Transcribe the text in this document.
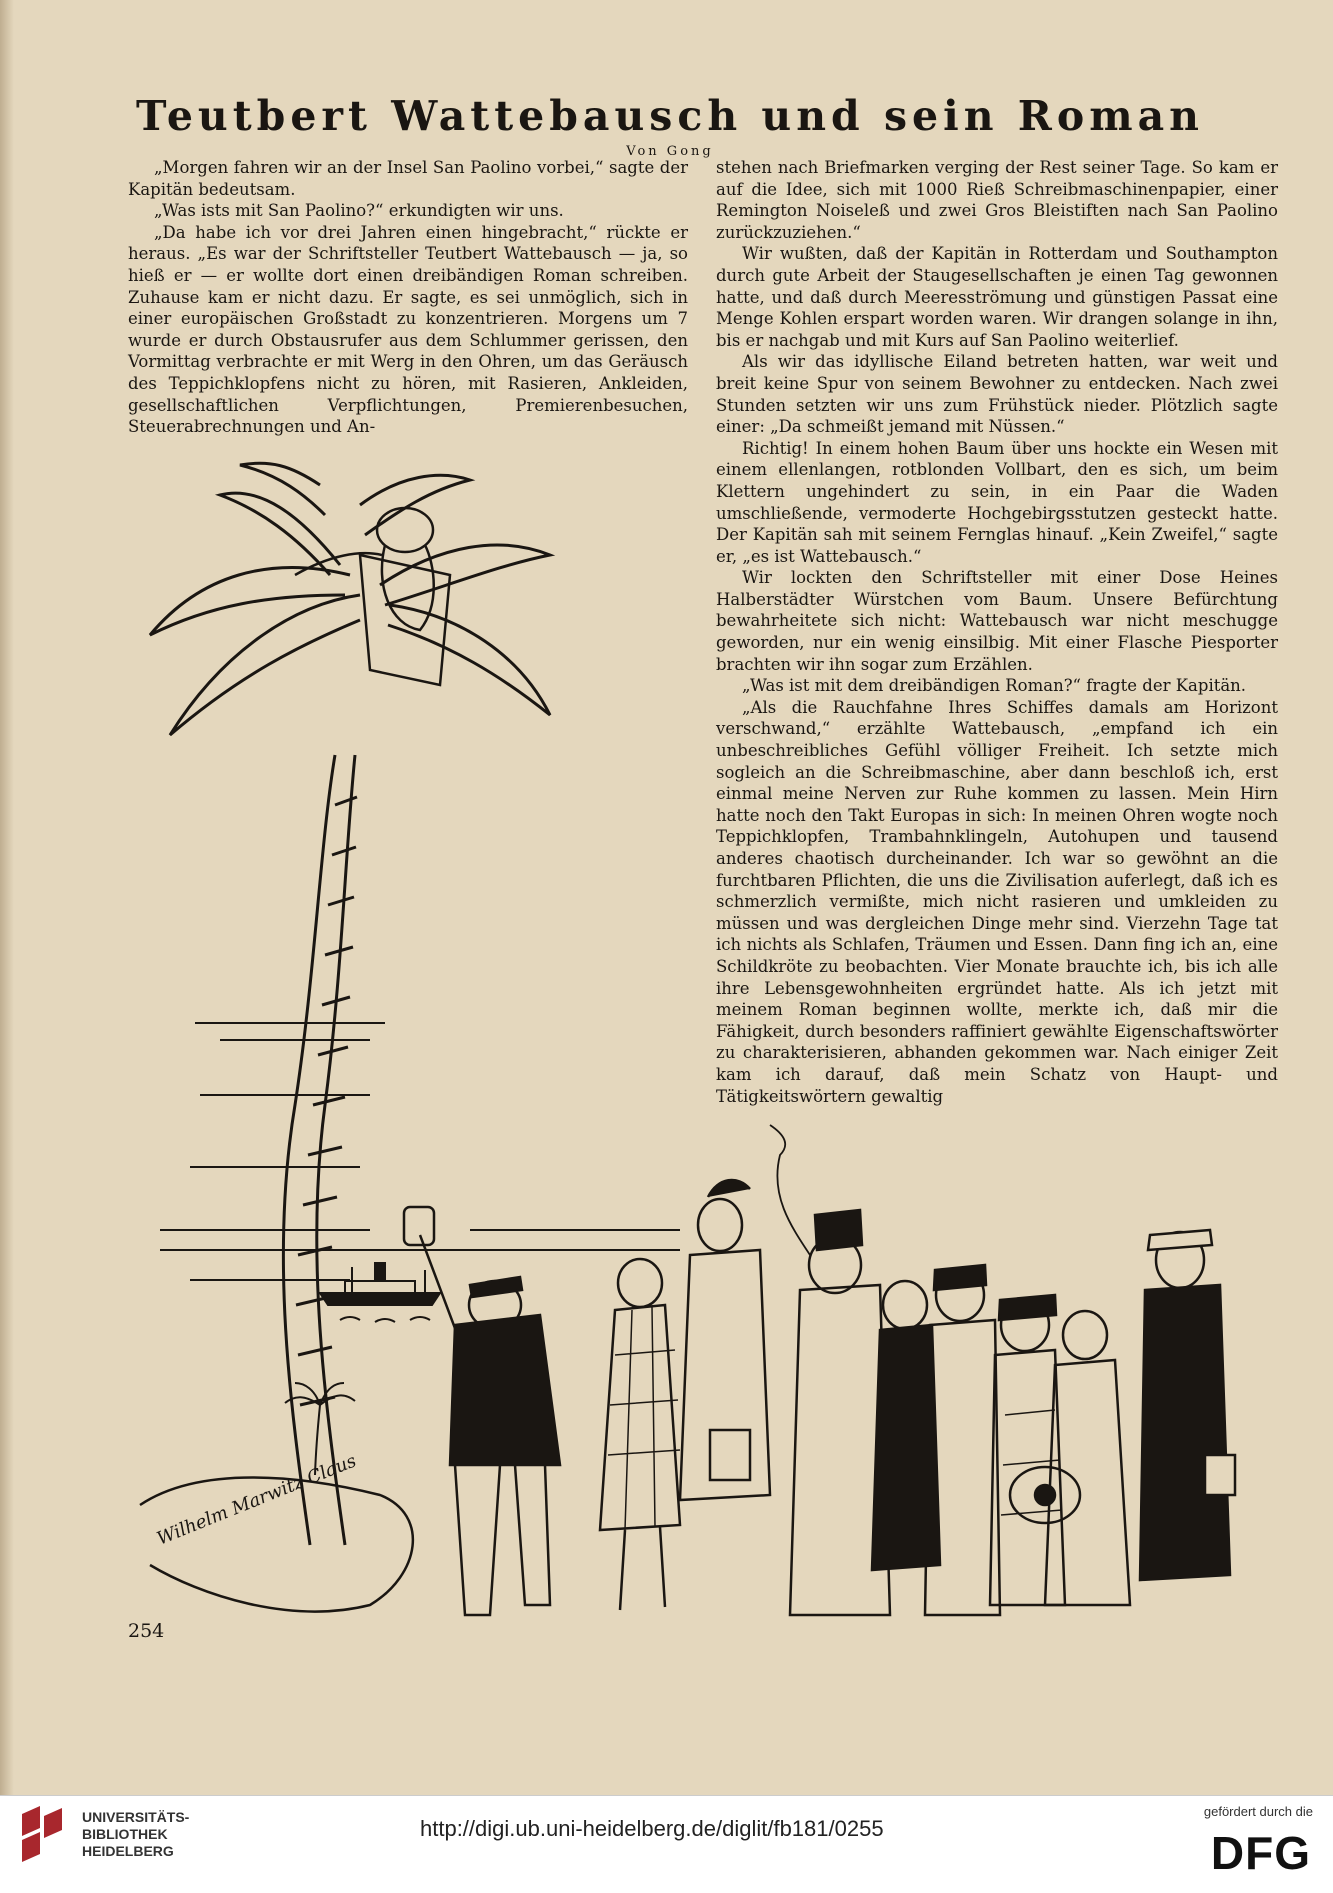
Teutbert Wattebausch und sein Roman
Von Gong

„Morgen fahren wir an der Insel San Paolino vorbei,“ sagte der Kapitän bedeutsam.

„Was ists mit San Paolino?“ erkundigten wir uns.

„Da habe ich vor drei Jahren einen hingebracht,“ rückte er heraus. „Es war der Schriftsteller Teutbert Wattebausch — ja, so hieß er — er wollte dort einen dreibändigen Roman schreiben. Zuhause kam er nicht dazu. Er sagte, es sei unmöglich, sich in einer europäischen Großstadt zu konzentrieren. Morgens um 7 wurde er durch Obstausrufer aus dem Schlummer gerissen, den Vormittag verbrachte er mit Werg in den Ohren, um das Geräusch des Teppichklopfens nicht zu hören, mit Rasieren, Ankleiden, gesellschaftlichen Verpflichtungen, Premierenbesuchen, Steuerabrechnungen und An-

stehen nach Briefmarken verging der Rest seiner Tage. So kam er auf die Idee, sich mit 1000 Rieß Schreibmaschinenpapier, einer Remington Noiseleß und zwei Gros Bleistiften nach San Paolino zurückzuziehen.“

Wir wußten, daß der Kapitän in Rotterdam und Southampton durch gute Arbeit der Staugesellschaften je einen Tag gewonnen hatte, und daß durch Meeresströmung und günstigen Passat eine Menge Kohlen erspart worden waren. Wir drangen solange in ihn, bis er nachgab und mit Kurs auf San Paolino weiterlief.

Als wir das idyllische Eiland betreten hatten, war weit und breit keine Spur von seinem Bewohner zu entdecken. Nach zwei Stunden setzten wir uns zum Frühstück nieder. Plötzlich sagte einer: „Da schmeißt jemand mit Nüssen.“

Richtig! In einem hohen Baum über uns hockte ein Wesen mit einem ellenlangen, rotblonden Vollbart, den es sich, um beim Klettern ungehindert zu sein, in ein Paar die Waden umschließende, vermoderte Hochgebirgsstutzen gesteckt hatte. Der Kapitän sah mit seinem Fernglas hinauf. „Kein Zweifel,“ sagte er, „es ist Wattebausch.“

Wir lockten den Schriftsteller mit einer Dose Heines Halberstädter Würstchen vom Baum. Unsere Befürchtung bewahrheitete sich nicht: Wattebausch war nicht meschugge geworden, nur ein wenig einsilbig. Mit einer Flasche Piesporter brachten wir ihn sogar zum Erzählen.

„Was ist mit dem dreibändigen Roman?“ fragte der Kapitän.

„Als die Rauchfahne Ihres Schiffes damals am Horizont verschwand,“ erzählte Wattebausch, „empfand ich ein unbeschreibliches Gefühl völliger Freiheit. Ich setzte mich sogleich an die Schreibmaschine, aber dann beschloß ich, erst einmal meine Nerven zur Ruhe kommen zu lassen. Mein Hirn hatte noch den Takt Europas in sich: In meinen Ohren wogte noch Teppichklopfen, Trambahnklingeln, Autohupen und tausend anderes chaotisch durcheinander. Ich war so gewöhnt an die furchtbaren Pflichten, die uns die Zivilisation auferlegt, daß ich es schmerzlich vermißte, mich nicht rasieren und umkleiden zu müssen und was dergleichen Dinge mehr sind. Vierzehn Tage tat ich nichts als Schlafen, Träumen und Essen. Dann fing ich an, eine Schildkröte zu beobachten. Vier Monate brauchte ich, bis ich alle ihre Lebensgewohnheiten ergründet hatte. Als ich jetzt mit meinem Roman beginnen wollte, merkte ich, daß mir die Fähigkeit, durch besonders raffiniert gewählte Eigenschaftswörter zu charakterisieren, abhanden gekommen war. Nach einiger Zeit kam ich darauf, daß mein Schatz von Haupt- und Tätigkeitswörtern gewaltig

Wilhelm Marwitz Claus
254
UNIVERSITÄTS-
BIBLIOTHEK
HEIDELBERG
http://digi.ub.uni-heidelberg.de/diglit/fb181/0255
gefördert durch die
DFG
